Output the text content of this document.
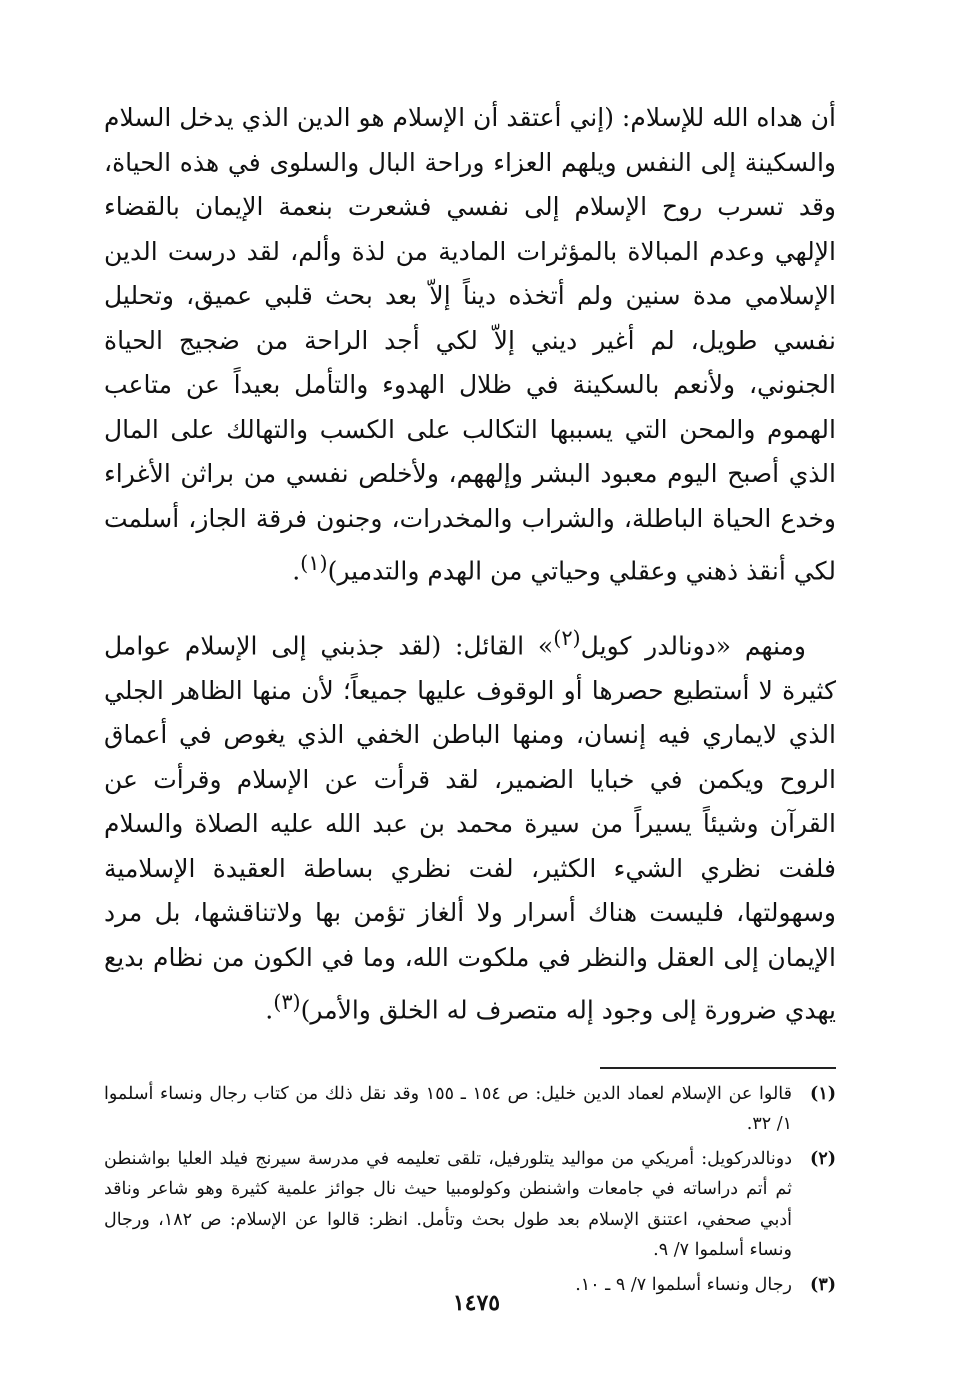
أن هداه الله للإسلام: (إني أعتقد أن الإسلام هو الدين الذي يدخل السلام والسكينة إلى النفس ويلهم العزاء وراحة البال والسلوى في هذه الحياة، وقد تسرب روح الإسلام إلى نفسي فشعرت بنعمة الإيمان بالقضاء الإلهي وعدم المبالاة بالمؤثرات المادية من لذة وألم، لقد درست الدين الإسلامي مدة سنين ولم أتخذه ديناً إلاّ بعد بحث قلبي عميق، وتحليل نفسي طويل، لم أغير ديني إلاّ لكي أجد الراحة من ضجيج الحياة الجنوني، ولأنعم بالسكينة في ظلال الهدوء والتأمل بعيداً عن متاعب الهموم والمحن التي يسببها التكالب على الكسب والتهالك على المال الذي أصبح اليوم معبود البشر وإلههم، ولأخلص نفسي من براثن الأغراء وخدع الحياة الباطلة، والشراب والمخدرات، وجنون فرقة الجاز، أسلمت لكي أنقذ ذهني وعقلي وحياتي من الهدم والتدمير)$^{(١)}$.

ومنهم «دونالدر كويل$^{(٢)}$» القائل: (لقد جذبني إلى الإسلام عوامل كثيرة لا أستطيع حصرها أو الوقوف عليها جميعاً؛ لأن منها الظاهر الجلي الذي لايماري فيه إنسان، ومنها الباطن الخفي الذي يغوص في أعماق الروح ويكمن في خبايا الضمير، لقد قرأت عن الإسلام وقرأت عن القرآن وشيئاً يسيراً من سيرة محمد بن عبد الله عليه الصلاة والسلام فلفت نظري الشيء الكثير، لفت نظري بساطة العقيدة الإسلامية وسهولتها، فليست هناك أسرار ولا ألغاز تؤمن بها ولاتناقشها، بل مرد الإيمان إلى العقل والنظر في ملكوت الله، وما في الكون من نظام بديع يهدي ضرورة إلى وجود إله متصرف له الخلق والأمر)$^{(٣)}$.

(١)
قالوا عن الإسلام لعماد الدين خليل: ص ١٥٤ ـ ١٥٥ وقد نقل ذلك من كتاب رجال ونساء أسلموا ١/ ٣٢.
(٢)
دونالدركويل: أمريكي من مواليد يتلورفيل، تلقى تعليمه في مدرسة سيرنج فيلد العليا بواشنطن ثم أتم دراساته في جامعات واشنطن وكولومبيا حيث نال جوائز علمية كثيرة وهو شاعر وناقد أدبي صحفي، اعتنق الإسلام بعد طول بحث وتأمل. انظر: قالوا عن الإسلام: ص ١٨٢، ورجال ونساء أسلموا ٧/ ٩.
(٣)
رجال ونساء أسلموا ٧/ ٩ ـ ١٠.
١٤٧٥
